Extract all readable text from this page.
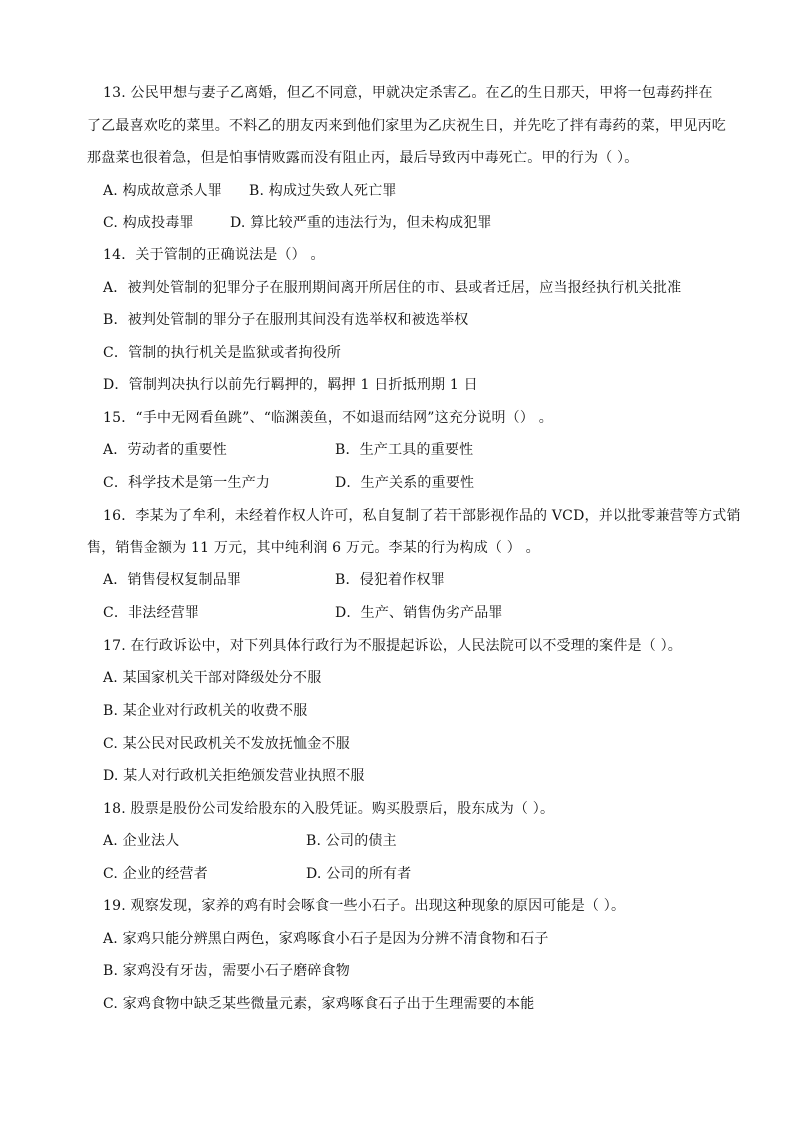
13. 公民甲想与妻子乙离婚，但乙不同意，甲就决定杀害乙。在乙的生日那天，甲将一包毒药拌在
了乙最喜欢吃的菜里。不料乙的朋友丙来到他们家里为乙庆祝生日，并先吃了拌有毒药的菜，甲见丙吃
那盘菜也很着急，但是怕事情败露而没有阻止丙，最后导致丙中毒死亡。甲的行为（ ）。
A. 构成故意杀人罪 B. 构成过失致人死亡罪
C. 构成投毒罪	D. 算比较严重的违法行为，但未构成犯罪
14．关于管制的正确说法是（） 。
A．被判处管制的犯罪分子在服刑期间离开所居住的市、县或者迁居，应当报经执行机关批准
B．被判处管制的罪分子在服刑其间没有选举权和被选举权
C．管制的执行机关是监狱或者拘役所
D．管制判决执行以前先行羁押的，羁押 1 日折抵刑期 1 日
15．“手中无网看鱼跳”、“临渊羡鱼，不如退而结网”这充分说明（） 。
A．劳动者的重要性	B．生产工具的重要性
C．科学技术是第一生产力	D．生产关系的重要性
16．李某为了牟利，未经着作权人许可，私自复制了若干部影视作品的 VCD，并以批零兼营等方式销
售，销售金额为 11 万元，其中纯利润 6 万元。李某的行为构成（ ） 。
A．销售侵权复制品罪	B．侵犯着作权罪
C．非法经营罪	D．生产、销售伪劣产品罪
17. 在行政诉讼中，对下列具体行政行为不服提起诉讼，人民法院可以不受理的案件是（ ）。
A. 某国家机关干部对降级处分不服
B. 某企业对行政机关的收费不服
C. 某公民对民政机关不发放抚恤金不服
D. 某人对行政机关拒绝颁发营业执照不服
18. 股票是股份公司发给股东的入股凭证。购买股票后，股东成为（ ）。
A. 企业法人	B. 公司的债主
C. 企业的经营者	D. 公司的所有者
19. 观察发现，家养的鸡有时会啄食一些小石子。出现这种现象的原因可能是（ ）。
A. 家鸡只能分辨黑白两色，家鸡啄食小石子是因为分辨不清食物和石子
B. 家鸡没有牙齿，需要小石子磨碎食物
C. 家鸡食物中缺乏某些微量元素，家鸡啄食石子出于生理需要的本能
